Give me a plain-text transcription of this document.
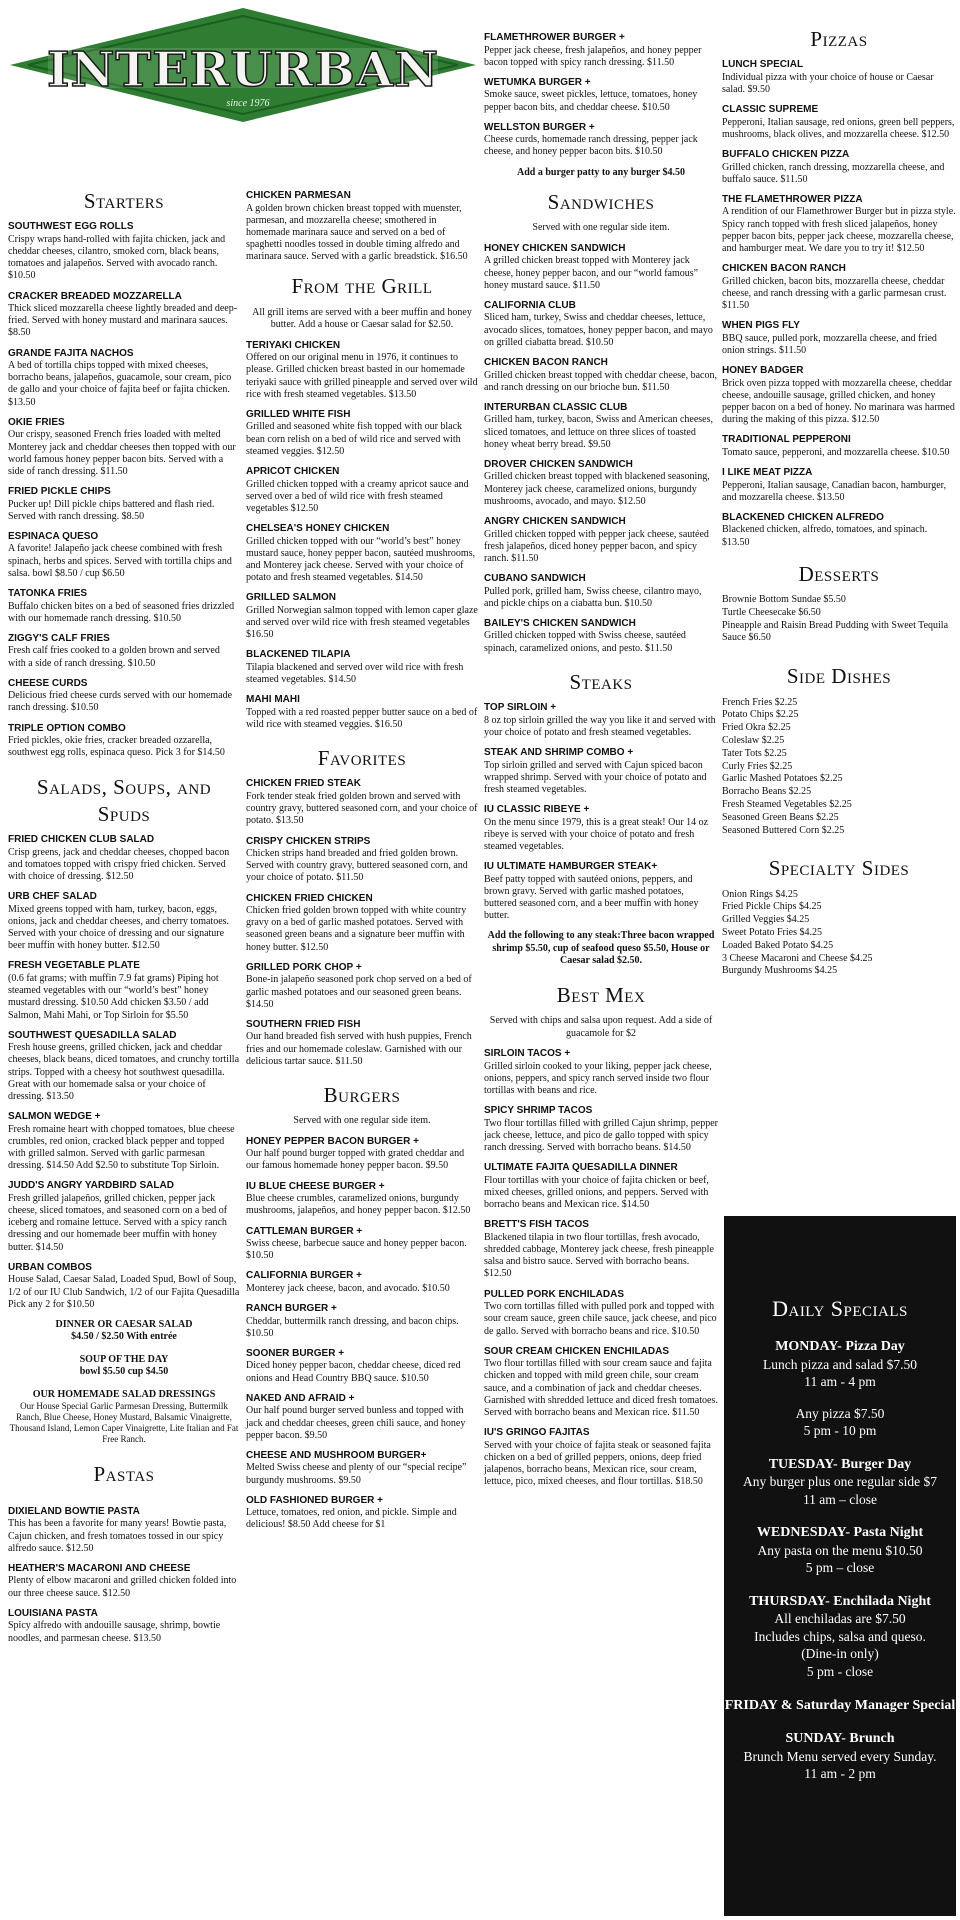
INTERURBAN
since 1976
Starters
SOUTHWEST EGG ROLLS
Crispy wraps hand-rolled with fajita chicken, jack and cheddar cheeses, cilantro, smoked corn, black beans, tomatoes and jalapeños. Served with avocado ranch. $10.50
CRACKER BREADED MOZZARELLA
Thick sliced mozzarella cheese lightly breaded and deep-fried. Served with honey mustard and marinara sauces. $8.50
GRANDE FAJITA NACHOS
A bed of tortilla chips topped with mixed cheeses, borracho beans, jalapeños, guacamole, sour cream, pico de gallo and your choice of fajita beef or fajita chicken. $13.50
OKIE FRIES
Our crispy, seasoned French fries loaded with melted Monterey jack and cheddar cheeses then topped with our world famous honey pepper bacon bits. Served with a side of ranch dressing. $11.50
FRIED PICKLE CHIPS
Pucker up! Dill pickle chips battered and flash ried. Served with ranch dressing. $8.50
ESPINACA QUESO
A favorite! Jalapeño jack cheese combined with fresh spinach, herbs and spices. Served with tortilla chips and salsa. bowl $8.50 / cup $6.50
TATONKA FRIES
Buffalo chicken bites on a bed of seasoned fries drizzled with our homemade ranch dressing. $10.50
ZIGGY'S CALF FRIES
Fresh calf fries cooked to a golden brown and served with a side of ranch dressing. $10.50
CHEESE CURDS
Delicious fried cheese curds served with our homemade ranch dressing. $10.50
TRIPLE OPTION COMBO
Fried pickles, okie fries, cracker breaded ozzarella, southwest egg rolls, espinaca queso. Pick 3 for $14.50
Salads, Soups, and Spuds
FRIED CHICKEN CLUB SALAD
Crisp greens, jack and cheddar cheeses, chopped bacon and tomatoes topped with crispy fried chicken. Served with choice of dressing. $12.50
URB CHEF SALAD
Mixed greens topped with ham, turkey, bacon, eggs, onions, jack and cheddar cheeses, and cherry tomatoes. Served with your choice of dressing and our signature beer muffin with honey butter. $12.50
FRESH VEGETABLE PLATE
(0.6 fat grams; with muffin 7.9 fat grams) Piping hot steamed vegetables with our “world’s best” honey mustard dressing. $10.50 Add chicken $3.50 / add Salmon, Mahi Mahi, or Top Sirloin for $5.50
SOUTHWEST QUESADILLA SALAD
Fresh house greens, grilled chicken, jack and cheddar cheeses, black beans, diced tomatoes, and crunchy tortilla strips. Topped with a cheesy hot southwest quesadilla. Great with our homemade salsa or your choice of dressing. $13.50
SALMON WEDGE +
Fresh romaine heart with chopped tomatoes, blue cheese crumbles, red onion, cracked black pepper and topped with grilled salmon. Served with garlic parmesan dressing. $14.50 Add $2.50 to substitute Top Sirloin.
JUDD'S ANGRY YARDBIRD SALAD
Fresh grilled jalapeños, grilled chicken, pepper jack cheese, sliced tomatoes, and seasoned corn on a bed of iceberg and romaine lettuce. Served with a spicy ranch dressing and our homemade beer muffin with honey butter. $14.50
URBAN COMBOS
House Salad, Caesar Salad, Loaded Spud, Bowl of Soup, 1/2 of our IU Club Sandwich, 1/2 of our Fajita Quesadilla Pick any 2 for $10.50
DINNER OR CAESAR SALAD
$4.50 / $2.50 With entrée
SOUP OF THE DAY
bowl $5.50 cup $4.50
OUR HOMEMADE SALAD DRESSINGS
Our House Special Garlic Parmesan Dressing, Buttermilk Ranch, Blue Cheese, Honey Mustard, Balsamic Vinaigrette, Thousand Island, Lemon Caper Vinaigrette, Lite Italian and Fat Free Ranch.
Pastas
DIXIELAND BOWTIE PASTA
This has been a favorite for many years! Bowtie pasta, Cajun chicken, and fresh tomatoes tossed in our spicy alfredo sauce. $12.50
HEATHER'S MACARONI AND CHEESE
Plenty of elbow macaroni and grilled chicken folded into our three cheese sauce. $12.50
LOUISIANA PASTA
Spicy alfredo with andouille sausage, shrimp, bowtie noodles, and parmesan cheese. $13.50
CHICKEN PARMESAN
A golden brown chicken breast topped with muenster, parmesan, and mozzarella cheese; smothered in homemade marinara sauce and served on a bed of spaghetti noodles tossed in double timing alfredo and marinara sauce. Served with a garlic breadstick. $16.50
From the Grill
All grill items are served with a beer muffin and honey butter. Add a house or Caesar salad for $2.50.
TERIYAKI CHICKEN
Offered on our original menu in 1976, it continues to please. Grilled chicken breast basted in our homemade teriyaki sauce with grilled pineapple and served over wild rice with fresh steamed vegetables. $13.50
GRILLED WHITE FISH
Grilled and seasoned white fish topped with our black bean corn relish on a bed of wild rice and served with steamed veggies. $12.50
APRICOT CHICKEN
Grilled chicken topped with a creamy apricot sauce and served over a bed of wild rice with fresh steamed vegetables $12.50
CHELSEA'S HONEY CHICKEN
Grilled chicken topped with our “world’s best” honey mustard sauce, honey pepper bacon, sautéed mushrooms, and Monterey jack cheese. Served with your choice of potato and fresh steamed vegetables. $14.50
GRILLED SALMON
Grilled Norwegian salmon topped with lemon caper glaze and served over wild rice with fresh steamed vegetables $16.50
BLACKENED TILAPIA
Tilapia blackened and served over wild rice with fresh steamed vegetables. $14.50
MAHI MAHI
Topped with a red roasted pepper butter sauce on a bed of wild rice with steamed veggies. $16.50
Favorites
CHICKEN FRIED STEAK
Fork tender steak fried golden brown and served with country gravy, buttered seasoned corn, and your choice of potato. $13.50
CRISPY CHICKEN STRIPS
Chicken strips hand breaded and fried golden brown. Served with country gravy, buttered seasoned corn, and your choice of potato. $11.50
CHICKEN FRIED CHICKEN
Chicken fried golden brown topped with white country gravy on a bed of garlic mashed potatoes. Served with seasoned green beans and a signature beer muffin with honey butter. $12.50
GRILLED PORK CHOP +
Bone-in jalapeño seasoned pork chop served on a bed of garlic mashed potatoes and our seasoned green beans. $14.50
SOUTHERN FRIED FISH
Our hand breaded fish served with hush puppies, French fries and our homemade coleslaw. Garnished with our delicious tartar sauce. $11.50
Burgers
Served with one regular side item.
HONEY PEPPER BACON BURGER +
Our half pound burger topped with grated cheddar and our famous homemade honey pepper bacon. $9.50
IU BLUE CHEESE BURGER +
Blue cheese crumbles, caramelized onions, burgundy mushrooms, jalapeños, and honey pepper bacon. $12.50
CATTLEMAN BURGER +
Swiss cheese, barbecue sauce and honey pepper bacon. $10.50
CALIFORNIA BURGER +
Monterey jack cheese, bacon, and avocado. $10.50
RANCH BURGER +
Cheddar, buttermilk ranch dressing, and bacon chips. $10.50
SOONER BURGER +
Diced honey pepper bacon, cheddar cheese, diced red onions and Head Country BBQ sauce. $10.50
NAKED AND AFRAID +
Our half pound burger served bunless and topped with jack and cheddar cheeses, green chili sauce, and honey pepper bacon. $9.50
CHEESE AND MUSHROOM BURGER+
Melted Swiss cheese and plenty of our “special recipe” burgundy mushrooms. $9.50
OLD FASHIONED BURGER +
Lettuce, tomatoes, red onion, and pickle. Simple and delicious! $8.50 Add cheese for $1
FLAMETHROWER BURGER +
Pepper jack cheese, fresh jalapeños, and honey pepper bacon topped with spicy ranch dressing. $11.50
WETUMKA BURGER +
Smoke sauce, sweet pickles, lettuce, tomatoes, honey pepper bacon bits, and cheddar cheese. $10.50
WELLSTON BURGER +
Cheese curds, homemade ranch dressing, pepper jack cheese, and honey pepper bacon bits. $10.50
Add a burger patty to any burger $4.50
Sandwiches
Served with one regular side item.
HONEY CHICKEN SANDWICH
A grilled chicken breast topped with Monterey jack cheese, honey pepper bacon, and our “world famous” honey mustard sauce. $11.50
CALIFORNIA CLUB
Sliced ham, turkey, Swiss and cheddar cheeses, lettuce, avocado slices, tomatoes, honey pepper bacon, and mayo on grilled ciabatta bread. $10.50
CHICKEN BACON RANCH
Grilled chicken breast topped with cheddar cheese, bacon, and ranch dressing on our brioche bun. $11.50
INTERURBAN CLASSIC CLUB
Grilled ham, turkey, bacon, Swiss and American cheeses, sliced tomatoes, and lettuce on three slices of toasted honey wheat berry bread. $9.50
DROVER CHICKEN SANDWICH
Grilled chicken breast topped with blackened seasoning, Monterey jack cheese, caramelized onions, burgundy mushrooms, avocado, and mayo. $12.50
ANGRY CHICKEN SANDWICH
Grilled chicken topped with pepper jack cheese, sautéed fresh jalapeños, diced honey pepper bacon, and spicy ranch. $11.50
CUBANO SANDWICH
Pulled pork, grilled ham, Swiss cheese, cilantro mayo, and pickle chips on a ciabatta bun. $10.50
BAILEY'S CHICKEN SANDWICH
Grilled chicken topped with Swiss cheese, sautéed spinach, caramelized onions, and pesto. $11.50
Steaks
TOP SIRLOIN +
8 oz top sirloin grilled the way you like it and served with your choice of potato and fresh steamed vegetables.
STEAK AND SHRIMP COMBO +
Top sirloin grilled and served with Cajun spiced bacon wrapped shrimp. Served with your choice of potato and fresh steamed vegetables.
IU CLASSIC RIBEYE +
On the menu since 1979, this is a great steak! Our 14 oz ribeye is served with your choice of potato and fresh steamed vegetables.
IU ULTIMATE HAMBURGER STEAK+
Beef patty topped with sautéed onions, peppers, and brown gravy. Served with garlic mashed potatoes, buttered seasoned corn, and a beer muffin with honey butter.
Add the following to any steak:Three bacon wrapped shrimp $5.50, cup of seafood queso $5.50, House or Caesar salad $2.50.
Best Mex
Served with chips and salsa upon request. Add a side of guacamole for $2
SIRLOIN TACOS +
Grilled sirloin cooked to your liking, pepper jack cheese, onions, peppers, and spicy ranch served inside two flour tortillas with beans and rice.
SPICY SHRIMP TACOS
Two flour tortillas filled with grilled Cajun shrimp, pepper jack cheese, lettuce, and pico de gallo topped with spicy ranch dressing. Served with borracho beans. $14.50
ULTIMATE FAJITA QUESADILLA DINNER
Flour tortillas with your choice of fajita chicken or beef, mixed cheeses, grilled onions, and peppers. Served with borracho beans and Mexican rice. $14.50
BRETT'S FISH TACOS
Blackened tilapia in two flour tortillas, fresh avocado, shredded cabbage, Monterey jack cheese, fresh pineapple salsa and bistro sauce. Served with borracho beans. $12.50
PULLED PORK ENCHILADAS
Two corn tortillas filled with pulled pork and topped with sour cream sauce, green chile sauce, jack cheese, and pico de gallo. Served with borracho beans and rice. $10.50
SOUR CREAM CHICKEN ENCHILADAS
Two flour tortillas filled with sour cream sauce and fajita chicken and topped with mild green chile, sour cream sauce, and a combination of jack and cheddar cheeses. Garnished with shredded lettuce and diced fresh tomatoes. Served with borracho beans and Mexican rice. $11.50
IU'S GRINGO FAJITAS
Served with your choice of fajita steak or seasoned fajita chicken on a bed of grilled peppers, onions, deep fried jalapenos, borracho beans, Mexican rice, sour cream, lettuce, pico, mixed cheeses, and flour tortillas. $18.50
Pizzas
LUNCH SPECIAL
Individual pizza with your choice of house or Caesar salad. $9.50
CLASSIC SUPREME
Pepperoni, Italian sausage, red onions, green bell peppers, mushrooms, black olives, and mozzarella cheese. $12.50
BUFFALO CHICKEN PIZZA
Grilled chicken, ranch dressing, mozzarella cheese, and buffalo sauce. $11.50
THE FLAMETHROWER PIZZA
A rendition of our Flamethrower Burger but in pizza style. Spicy ranch topped with fresh sliced jalapeños, honey pepper bacon bits, pepper jack cheese, mozzarella cheese, and hamburger meat. We dare you to try it! $12.50
CHICKEN BACON RANCH
Grilled chicken, bacon bits, mozzarella cheese, cheddar cheese, and ranch dressing with a garlic parmesan crust. $11.50
WHEN PIGS FLY
BBQ sauce, pulled pork, mozzarella cheese, and fried onion strings. $11.50
HONEY BADGER
Brick oven pizza topped with mozzarella cheese, cheddar cheese, andouille sausage, grilled chicken, and honey pepper bacon on a bed of honey. No marinara was harmed during the making of this pizza. $12.50
TRADITIONAL PEPPERONI
Tomato sauce, pepperoni, and mozzarella cheese. $10.50
I LIKE MEAT PIZZA
Pepperoni, Italian sausage, Canadian bacon, hamburger, and mozzarella cheese. $13.50
BLACKENED CHICKEN ALFREDO
Blackened chicken, alfredo, tomatoes, and spinach. $13.50
Desserts
Brownie Bottom Sundae $5.50
Turtle Cheesecake $6.50
Pineapple and Raisin Bread Pudding with Sweet Tequila Sauce $6.50
Side Dishes
French Fries $2.25
Potato Chips $2.25
Fried Okra $2.25
Coleslaw $2.25
Tater Tots $2.25
Curly Fries $2.25
Garlic Mashed Potatoes $2.25
Borracho Beans $2.25
Fresh Steamed Vegetables $2.25
Seasoned Green Beans $2.25
Seasoned Buttered Corn $2.25
Specialty Sides
Onion Rings $4.25
Fried Pickle Chips $4.25
Grilled Veggies $4.25
Sweet Potato Fries $4.25
Loaded Baked Potato $4.25
3 Cheese Macaroni and Cheese $4.25
Burgundy Mushrooms $4.25
Daily Specials
MONDAY- Pizza Day
Lunch pizza and salad $7.50
11 am - 4 pm
Any pizza $7.50
5 pm - 10 pm
TUESDAY- Burger Day
Any burger plus one regular side $7
11 am – close
WEDNESDAY- Pasta Night
Any pasta on the menu $10.50
5 pm – close
THURSDAY- Enchilada Night
All enchiladas are $7.50
Includes chips, salsa and queso.
(Dine-in only)
5 pm - close
FRIDAY & Saturday Manager Special
SUNDAY- Brunch
Brunch Menu served every Sunday.
11 am - 2 pm
